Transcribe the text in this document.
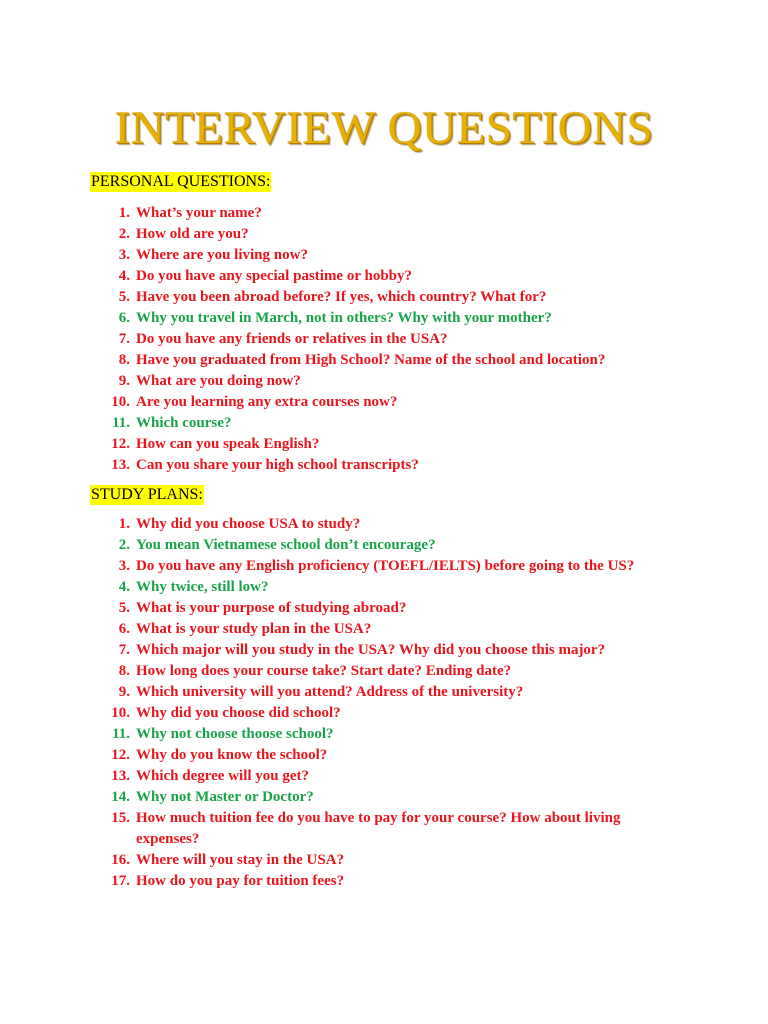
INTERVIEW QUESTIONS
PERSONAL QUESTIONS:
1. What’s your name?
2. How old are you?
3. Where are you living now?
4. Do you have any special pastime or hobby?
5. Have you been abroad before? If yes, which country? What for?
6. Why you travel in March, not in others? Why with your mother?
7. Do you have any friends or relatives in the USA?
8. Have you graduated from High School? Name of the school and location?
9. What are you doing now?
10. Are you learning any extra courses now?
11. Which course?
12. How can you speak English?
13. Can you share your high school transcripts?
STUDY PLANS:
1. Why did you choose USA to study?
2. You mean Vietnamese school don’t encourage?
3. Do you have any English proficiency (TOEFL/IELTS) before going to the US?
4. Why twice, still low?
5. What is your purpose of studying abroad?
6. What is your study plan in the USA?
7. Which major will you study in the USA? Why did you choose this major?
8. How long does your course take? Start date? Ending date?
9. Which university will you attend? Address of the university?
10. Why did you choose did school?
11. Why not choose thoose school?
12. Why do you know the school?
13. Which degree will you get?
14. Why not Master or Doctor?
15. How much tuition fee do you have to pay for your course? How about living expenses?
16. Where will you stay in the USA?
17. How do you pay for tuition fees?
